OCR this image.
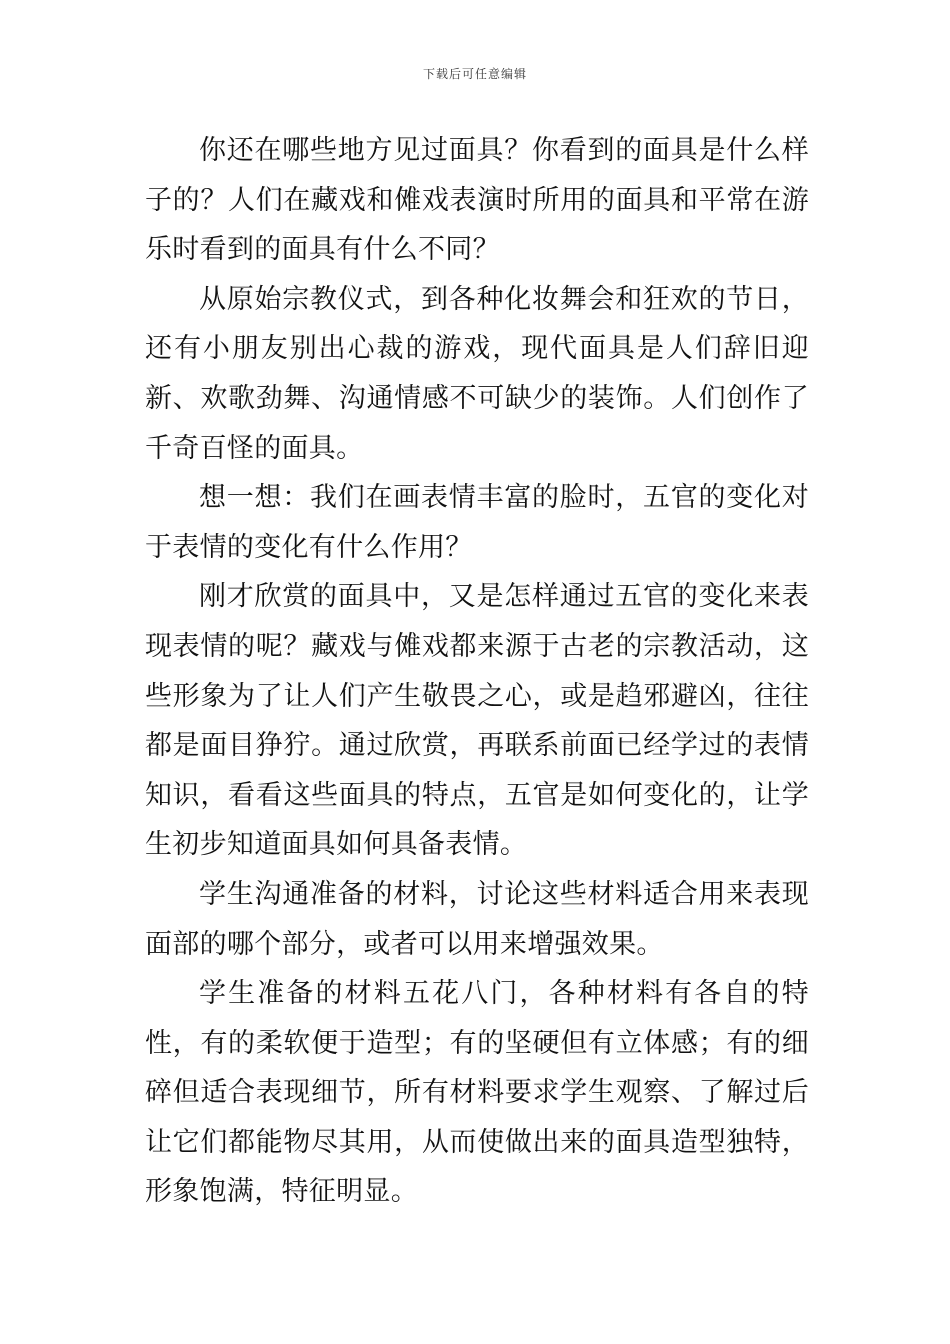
下载后可任意编辑

你还在哪些地方见过面具？你看到的面具是什么样子的？人们在藏戏和傩戏表演时所用的面具和平常在游乐时看到的面具有什么不同？

从原始宗教仪式，到各种化妆舞会和狂欢的节日，还有小朋友别出心裁的游戏，现代面具是人们辞旧迎新、欢歌劲舞、沟通情感不可缺少的装饰。人们创作了千奇百怪的面具。

想一想：我们在画表情丰富的脸时，五官的变化对于表情的变化有什么作用？

刚才欣赏的面具中，又是怎样通过五官的变化来表现表情的呢？藏戏与傩戏都来源于古老的宗教活动，这些形象为了让人们产生敬畏之心，或是趋邪避凶，往往都是面目狰狞。通过欣赏，再联系前面已经学过的表情知识，看看这些面具的特点，五官是如何变化的，让学生初步知道面具如何具备表情。

学生沟通准备的材料，讨论这些材料适合用来表现面部的哪个部分，或者可以用来增强效果。

学生准备的材料五花八门，各种材料有各自的特性，有的柔软便于造型；有的坚硬但有立体感；有的细碎但适合表现细节，所有材料要求学生观察、了解过后让它们都能物尽其用，从而使做出来的面具造型独特，形象饱满，特征明显。
